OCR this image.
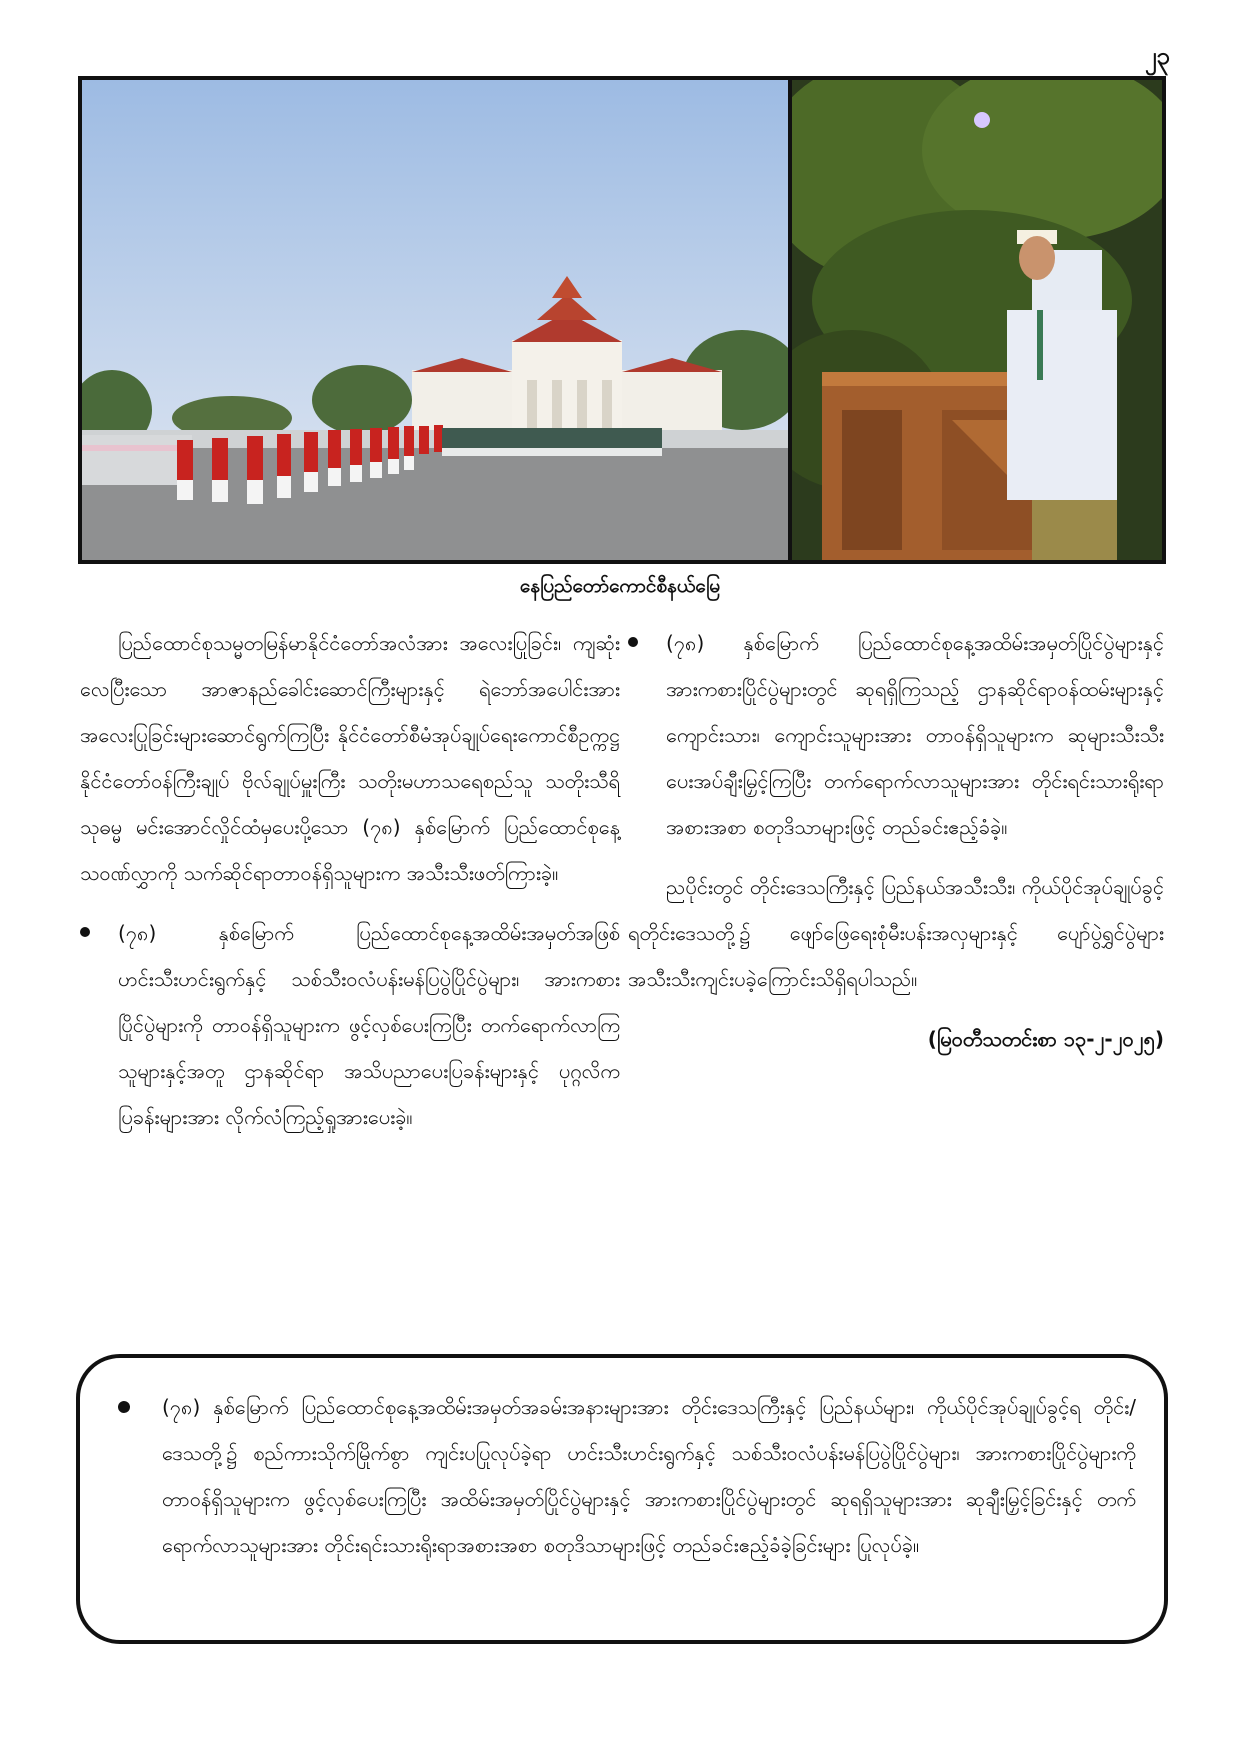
၂၃
နေပြည်တော်ကောင်စီနယ်မြေ

ပြည်ထောင်စုသမ္မတမြန်မာနိုင်ငံတော်အလံအား အလေးပြုခြင်း၊ ကျဆုံးလေပြီးသော အာဇာနည်ခေါင်းဆောင်ကြီးများနှင့် ရဲဘော်အပေါင်းအား အလေးပြုခြင်းများဆောင်ရွက်ကြပြီး နိုင်ငံတော်စီမံအုပ်ချုပ်ရေးကောင်စီဥက္ကဋ္ဌ နိုင်ငံတော်ဝန်ကြီးချုပ် ဗိုလ်ချုပ်မှူးကြီး သတိုးမဟာသရေစည်သူ သတိုးသီရိသုဓမ္မ မင်းအောင်လှိုင်ထံမှပေးပို့သော (၇၈) နှစ်မြောက် ပြည်ထောင်စုနေ့သဝဏ်လွှာကို သက်ဆိုင်ရာတာဝန်ရှိသူများက အသီးသီးဖတ်ကြားခဲ့။

(၇၈) နှစ်မြောက် ပြည်ထောင်စုနေ့အထိမ်းအမှတ်အဖြစ် ဟင်းသီးဟင်းရွက်နှင့် သစ်သီးဝလံပန်းမန်ပြပွဲပြိုင်ပွဲများ၊ အားကစားပြိုင်ပွဲများကို တာဝန်ရှိသူများက ဖွင့်လှစ်ပေးကြပြီး တက်ရောက်လာကြသူများနှင့်အတူ ဌာနဆိုင်ရာ အသိပညာပေးပြခန်းများနှင့် ပုဂ္ဂလိကပြခန်းများအား လိုက်လံကြည့်ရှုအားပေးခဲ့။
(၇၈) နှစ်မြောက် ပြည်ထောင်စုနေ့အထိမ်းအမှတ်ပြိုင်ပွဲများနှင့် အားကစားပြိုင်ပွဲများတွင် ဆုရရှိကြသည့် ဌာနဆိုင်ရာဝန်ထမ်းများနှင့် ကျောင်းသား၊ ကျောင်းသူများအား တာဝန်ရှိသူများက ဆုများသီးသီးပေးအပ်ချီးမြှင့်ကြပြီး တက်ရောက်လာသူများအား တိုင်းရင်းသားရိုးရာအစားအစာ စတုဒိသာများဖြင့် တည်ခင်းဧည့်ခံခဲ့။

ညပိုင်းတွင် တိုင်းဒေသကြီးနှင့် ပြည်နယ်အသီးသီး၊ ကိုယ်ပိုင်အုပ်ချုပ်ခွင့်ရတိုင်းဒေသတို့၌ ဖျော်ဖြေရေးစုံမီးပန်းအလှများနှင့် ပျော်ပွဲရွှင်ပွဲများ အသီးသီးကျင်းပခဲ့ကြောင်းသိရှိရပါသည်။

(မြဝတီသတင်းစာ ၁၃-၂-၂၀၂၅)
(၇၈) နှစ်မြောက် ပြည်ထောင်စုနေ့အထိမ်းအမှတ်အခမ်းအနားများအား တိုင်းဒေသကြီးနှင့် ပြည်နယ်များ၊ ကိုယ်ပိုင်အုပ်ချုပ်ခွင့်ရ တိုင်း/ဒေသတို့၌ စည်ကားသိုက်မြိုက်စွာ ကျင်းပပြုလုပ်ခဲ့ရာ ဟင်းသီးဟင်းရွက်နှင့် သစ်သီးဝလံပန်းမန်ပြပွဲပြိုင်ပွဲများ၊ အားကစားပြိုင်ပွဲများကို တာဝန်ရှိသူများက ဖွင့်လှစ်ပေးကြပြီး အထိမ်းအမှတ်ပြိုင်ပွဲများနှင့် အားကစားပြိုင်ပွဲများတွင် ဆုရရှိသူများအား ဆုချီးမြှင့်ခြင်းနှင့် တက်ရောက်လာသူများအား တိုင်းရင်းသားရိုးရာအစားအစာ စတုဒိသာများဖြင့် တည်ခင်းဧည့်ခံခဲ့ခြင်းများ ပြုလုပ်ခဲ့။
